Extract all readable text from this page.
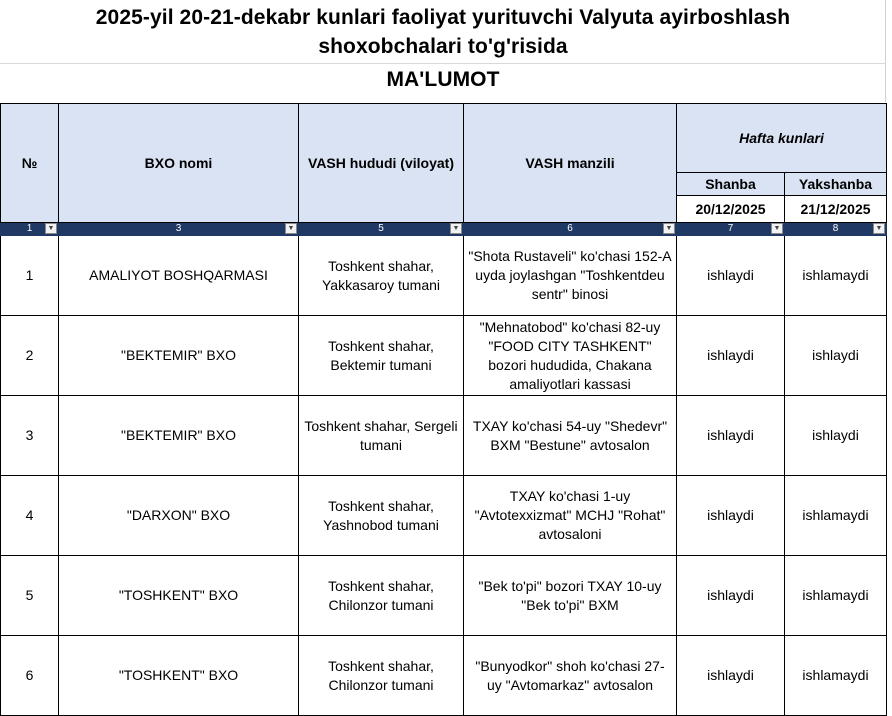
2025-yil 20-21-dekabr kunlari faoliyat yurituvchi Valyuta ayirboshlash
shoxobchalari to'g'risida
MA'LUMOT
№	BXO nomi	VASH hududi (viloyat)	VASH manzili	Hafta kunlari	
				Shanba	Yakshanba
				20/12/2025	21/12/2025
1 ▼	3 ▼	5 ▼	6 ▼	7 ▼	8 ▼

1	AMALIYOT BOSHQARMASI	Toshkent shahar, Yakkasaroy tumani	"Shota Rustaveli" ko'chasi 152-A uyda joylashgan "Toshkentdeu sentr" binosi	ishlaydi	ishlamaydi
2	"BEKTEMIR" BXO	Toshkent shahar, Bektemir tumani	"Mehnatobod" ko'chasi 82-uy "FOOD CITY TASHKENT" bozori hududida, Chakana amaliyotlari kassasi	ishlaydi	ishlaydi
3	"BEKTEMIR" BXO	Toshkent shahar, Sergeli tumani	TXAY ko'chasi 54-uy "Shedevr" BXM "Bestune" avtosalon	ishlaydi	ishlaydi
4	"DARXON" BXO	Toshkent shahar, Yashnobod tumani	TXAY ko'chasi 1-uy "Avtotexxizmat" MCHJ "Rohat" avtosaloni	ishlaydi	ishlamaydi
5	"TOSHKENT" BXO	Toshkent shahar, Chilonzor tumani	"Bek to'pi" bozori TXAY 10-uy "Bek to'pi" BXM	ishlaydi	ishlamaydi
6	"TOSHKENT" BXO	Toshkent shahar, Chilonzor tumani	"Bunyodkor" shoh ko'chasi 27-uy "Avtomarkaz" avtosalon	ishlaydi	ishlamaydi
